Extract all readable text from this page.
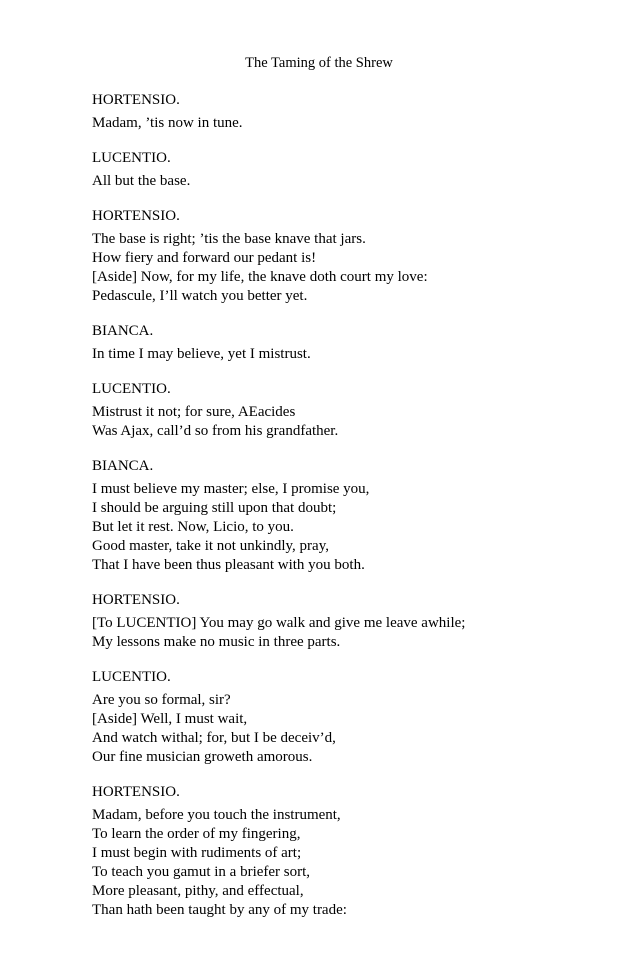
The Taming of the Shrew
HORTENSIO.
Madam, ’tis now in tune.
LUCENTIO.
All but the base.
HORTENSIO.
The base is right; ’tis the base knave that jars.
How fiery and forward our pedant is!
[Aside] Now, for my life, the knave doth court my love:
Pedascule, I’ll watch you better yet.
BIANCA.
In time I may believe, yet I mistrust.
LUCENTIO.
Mistrust it not; for sure, AEacides
Was Ajax, call’d so from his grandfather.
BIANCA.
I must believe my master; else, I promise you,
I should be arguing still upon that doubt;
But let it rest. Now, Licio, to you.
Good master, take it not unkindly, pray,
That I have been thus pleasant with you both.
HORTENSIO.
[To LUCENTIO] You may go walk and give me leave awhile;
My lessons make no music in three parts.
LUCENTIO.
Are you so formal, sir?
[Aside] Well, I must wait,
And watch withal; for, but I be deceiv’d,
Our fine musician groweth amorous.
HORTENSIO.
Madam, before you touch the instrument,
To learn the order of my fingering,
I must begin with rudiments of art;
To teach you gamut in a briefer sort,
More pleasant, pithy, and effectual,
Than hath been taught by any of my trade:
